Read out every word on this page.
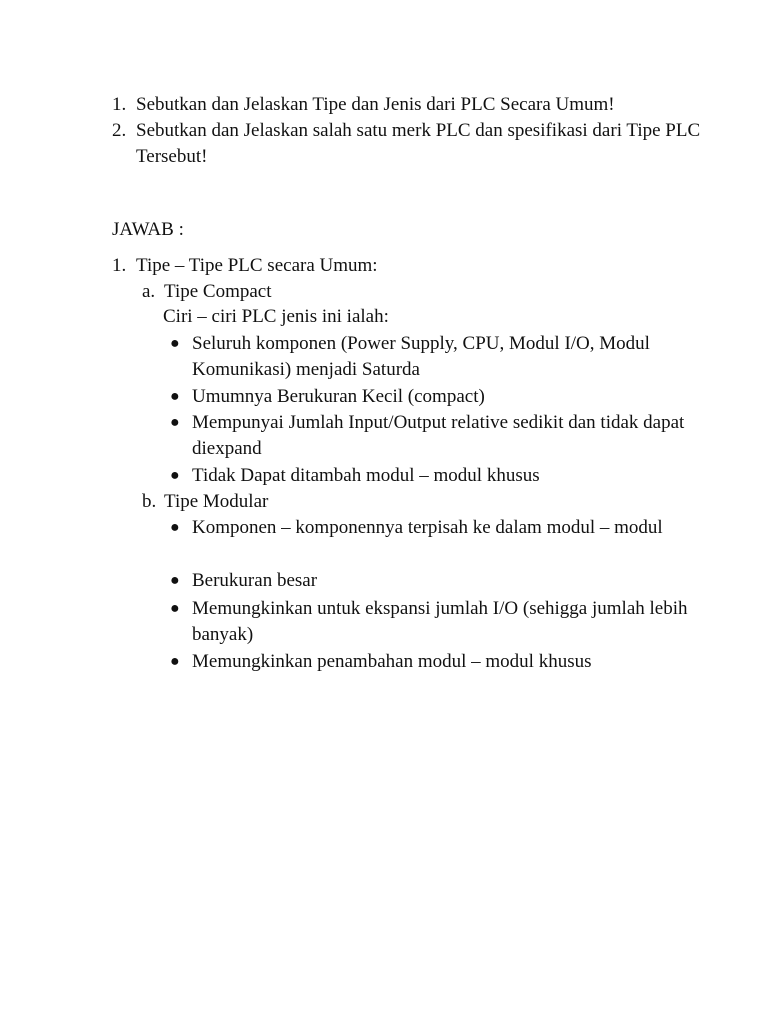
1. Sebutkan dan Jelaskan Tipe dan Jenis dari PLC Secara Umum!
2. Sebutkan dan Jelaskan salah satu merk PLC dan spesifikasi dari Tipe PLC Tersebut!
JAWAB :
1. Tipe – Tipe PLC secara Umum:
a. Tipe Compact
Ciri – ciri PLC jenis ini ialah:
● Seluruh komponen (Power Supply, CPU, Modul I/O, Modul Komunikasi) menjadi Saturda
● Umumnya Berukuran Kecil (compact)
● Mempunyai Jumlah Input/Output relative sedikit dan tidak dapat diexpand
● Tidak Dapat ditambah modul – modul khusus
b. Tipe Modular
● Komponen – komponennya terpisah ke dalam modul – modul
● Berukuran besar
● Memungkinkan untuk ekspansi jumlah I/O (sehigga jumlah lebih banyak)
● Memungkinkan penambahan modul – modul khusus
